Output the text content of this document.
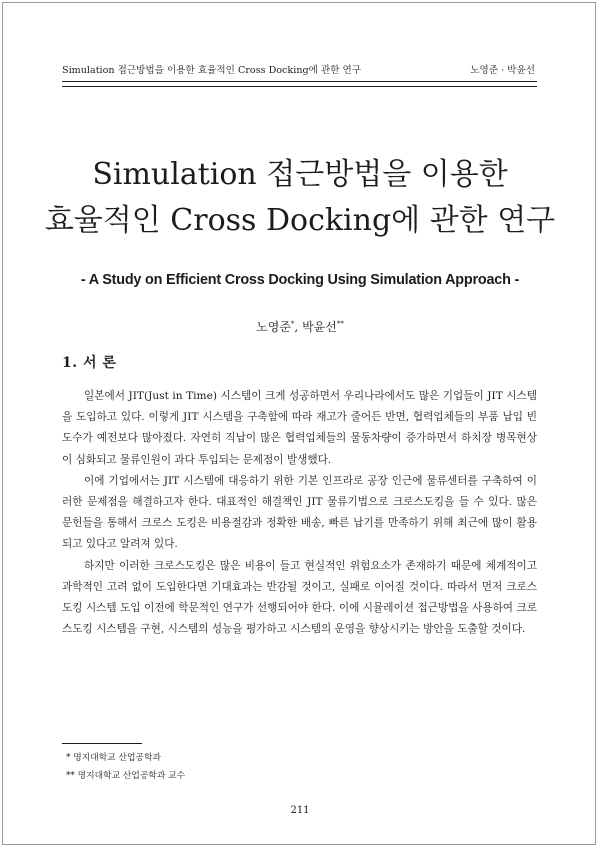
Simulation 접근방법을 이용한 효율적인 Cross Docking에 관한 연구	노영준 · 박윤선
Simulation 접근방법을 이용한
효율적인 Cross Docking에 관한 연구
- A Study on Efficient Cross Docking Using Simulation Approach -
노영준*, 박윤선**
1. 서 론

일본에서 JIT(Just in Time) 시스템이 크게 성공하면서 우리나라에서도 많은 기업들이 JIT 시스템을 도입하고 있다. 이렇게 JIT 시스템을 구축함에 따라 재고가 줄어든 반면, 협력업체들의 부품 납입 빈도수가 예전보다 많아졌다. 자연히 직납이 많은 협력업체들의 물동차량이 증가하면서 하치장 병목현상이 심화되고 물류인원이 과다 투입되는 문제점이 발생했다.

이에 기업에서는 JIT 시스템에 대응하기 위한 기본 인프라로 공장 인근에 물류센터를 구축하여 이러한 문제점을 해결하고자 한다. 대표적인 해결책인 JIT 물류기법으로 크로스도킹을 들 수 있다. 많은 문헌들을 통해서 크로스 도킹은 비용절감과 정확한 배송, 빠른 납기를 만족하기 위해 최근에 많이 활용되고 있다고 알려져 있다.

하지만 이러한 크로스도킹은 많은 비용이 들고 현실적인 위험요소가 존재하기 때문에 체계적이고 과학적인 고려 없이 도입한다면 기대효과는 반감될 것이고, 실패로 이어질 것이다. 따라서 먼저 크로스도킹 시스템 도입 이전에 학문적인 연구가 선행되어야 한다. 이에 시뮬레이션 접근방법을 사용하여 크로스도킹 시스템을 구현, 시스템의 성능을 평가하고 시스템의 운영을 향상시키는 방안을 도출할 것이다.

* 명지대학교 산업공학과
** 명지대학교 산업공학과 교수
211
